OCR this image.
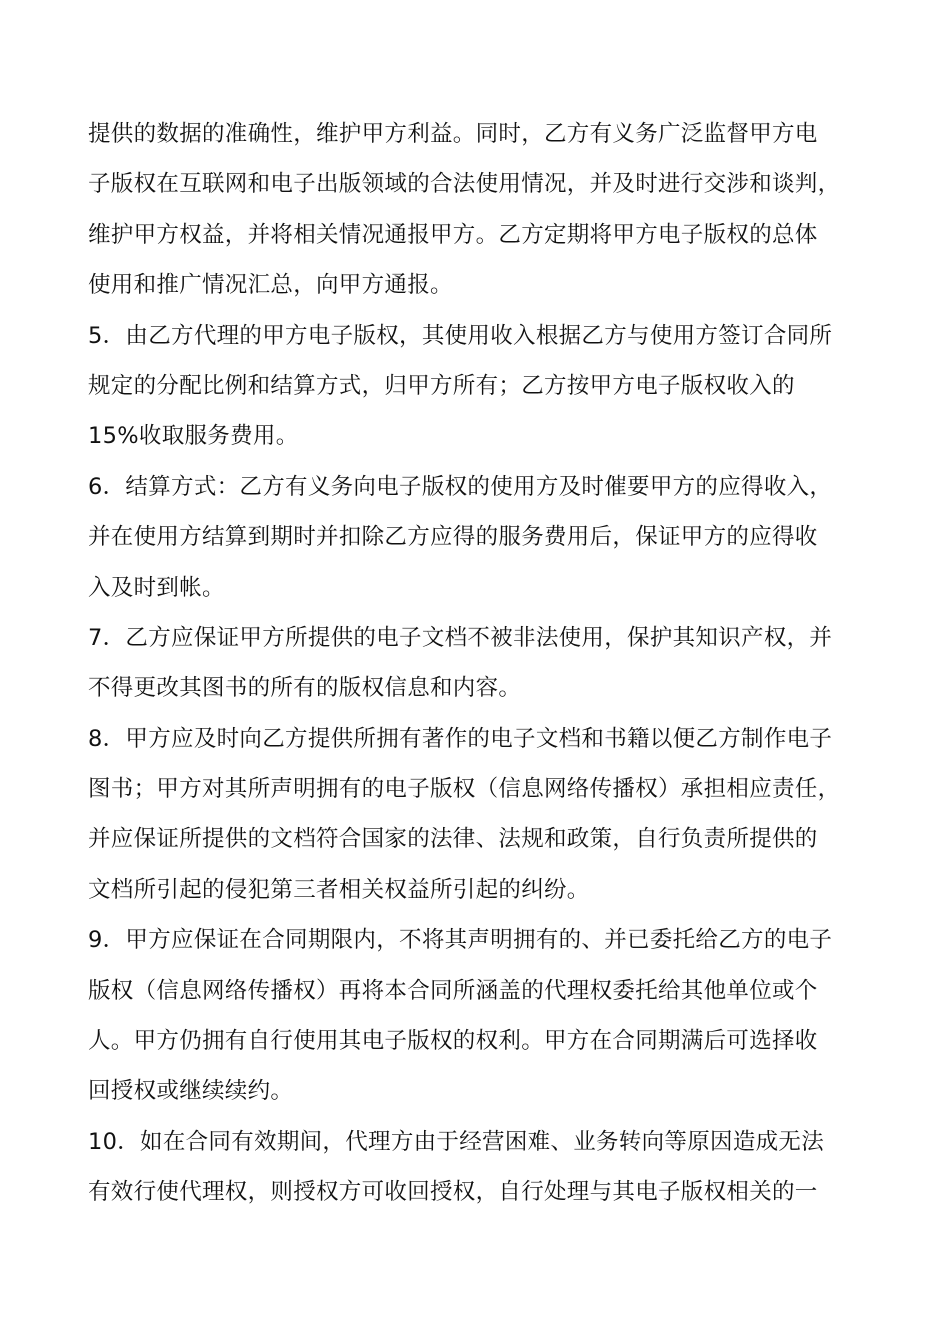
提供的数据的准确性，维护甲方利益。同时，乙方有义务广泛监督甲方电
子版权在互联网和电子出版领域的合法使用情况，并及时进行交涉和谈判，
维护甲方权益，并将相关情况通报甲方。乙方定期将甲方电子版权的总体
使用和推广情况汇总，向甲方通报。
5．由乙方代理的甲方电子版权，其使用收入根据乙方与使用方签订合同所
规定的分配比例和结算方式，归甲方所有；乙方按甲方电子版权收入的
15%收取服务费用。
6．结算方式：乙方有义务向电子版权的使用方及时催要甲方的应得收入，
并在使用方结算到期时并扣除乙方应得的服务费用后，保证甲方的应得收
入及时到帐。
7．乙方应保证甲方所提供的电子文档不被非法使用，保护其知识产权，并
不得更改其图书的所有的版权信息和内容。
8．甲方应及时向乙方提供所拥有著作的电子文档和书籍以便乙方制作电子
图书；甲方对其所声明拥有的电子版权（信息网络传播权）承担相应责任，
并应保证所提供的文档符合国家的法律、法规和政策，自行负责所提供的
文档所引起的侵犯第三者相关权益所引起的纠纷。
9．甲方应保证在合同期限内，不将其声明拥有的、并已委托给乙方的电子
版权（信息网络传播权）再将本合同所涵盖的代理权委托给其他单位或个
人。甲方仍拥有自行使用其电子版权的权利。甲方在合同期满后可选择收
回授权或继续续约。
10．如在合同有效期间，代理方由于经营困难、业务转向等原因造成无法
有效行使代理权，则授权方可收回授权，自行处理与其电子版权相关的一
